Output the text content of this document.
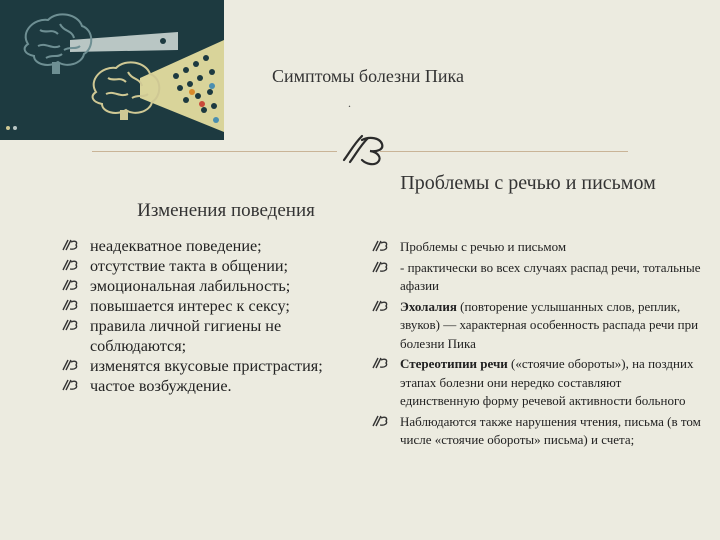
Симптомы болезни Пика
.
Изменения поведения
неадекватное поведение;
отсутствие такта в общении;
эмоциональная лабильность;
повышается интерес к сексу;
правила личной гигиены не соблюдаются;
изменятся вкусовые пристрастия;
частое возбуждение.
Проблемы с речью и письмом
Проблемы с речью и письмом
- практически во всех случаях распад речи, тотальные афазии
Эхолалия (повторение услышанных слов, реплик, звуков) — характерная особенность распада речи при болезни Пика
Стереотипии речи («стоячие обороты»), на поздних этапах болезни они нередко составляют единственную форму речевой активности больного
Наблюдаются также нарушения чтения, письма (в том числе «стоячие обороты» письма) и счета;
